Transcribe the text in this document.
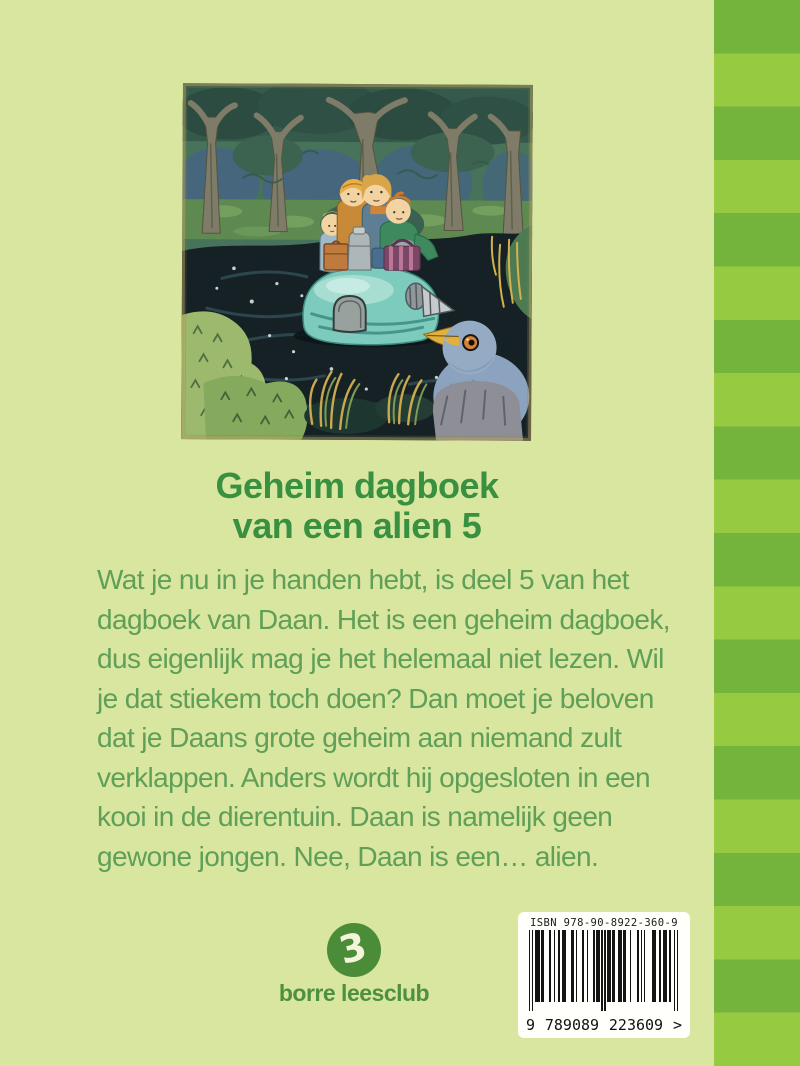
Geheim dagboek
van een alien 5
Wat je nu in je handen hebt, is deel 5 van het
dagboek van Daan. Het is een geheim dagboek,
dus eigenlijk mag je het helemaal niet lezen. Wil
je dat stiekem toch doen? Dan moet je beloven
dat je Daans grote geheim aan niemand zult
verklappen. Anders wordt hij opgesloten in een
kooi in de dierentuin. Daan is namelijk geen
gewone jongen. Nee, Daan is een… alien.
3
borre leesclub
ISBN 978-90-8922-360-9
9 789089 223609 >
